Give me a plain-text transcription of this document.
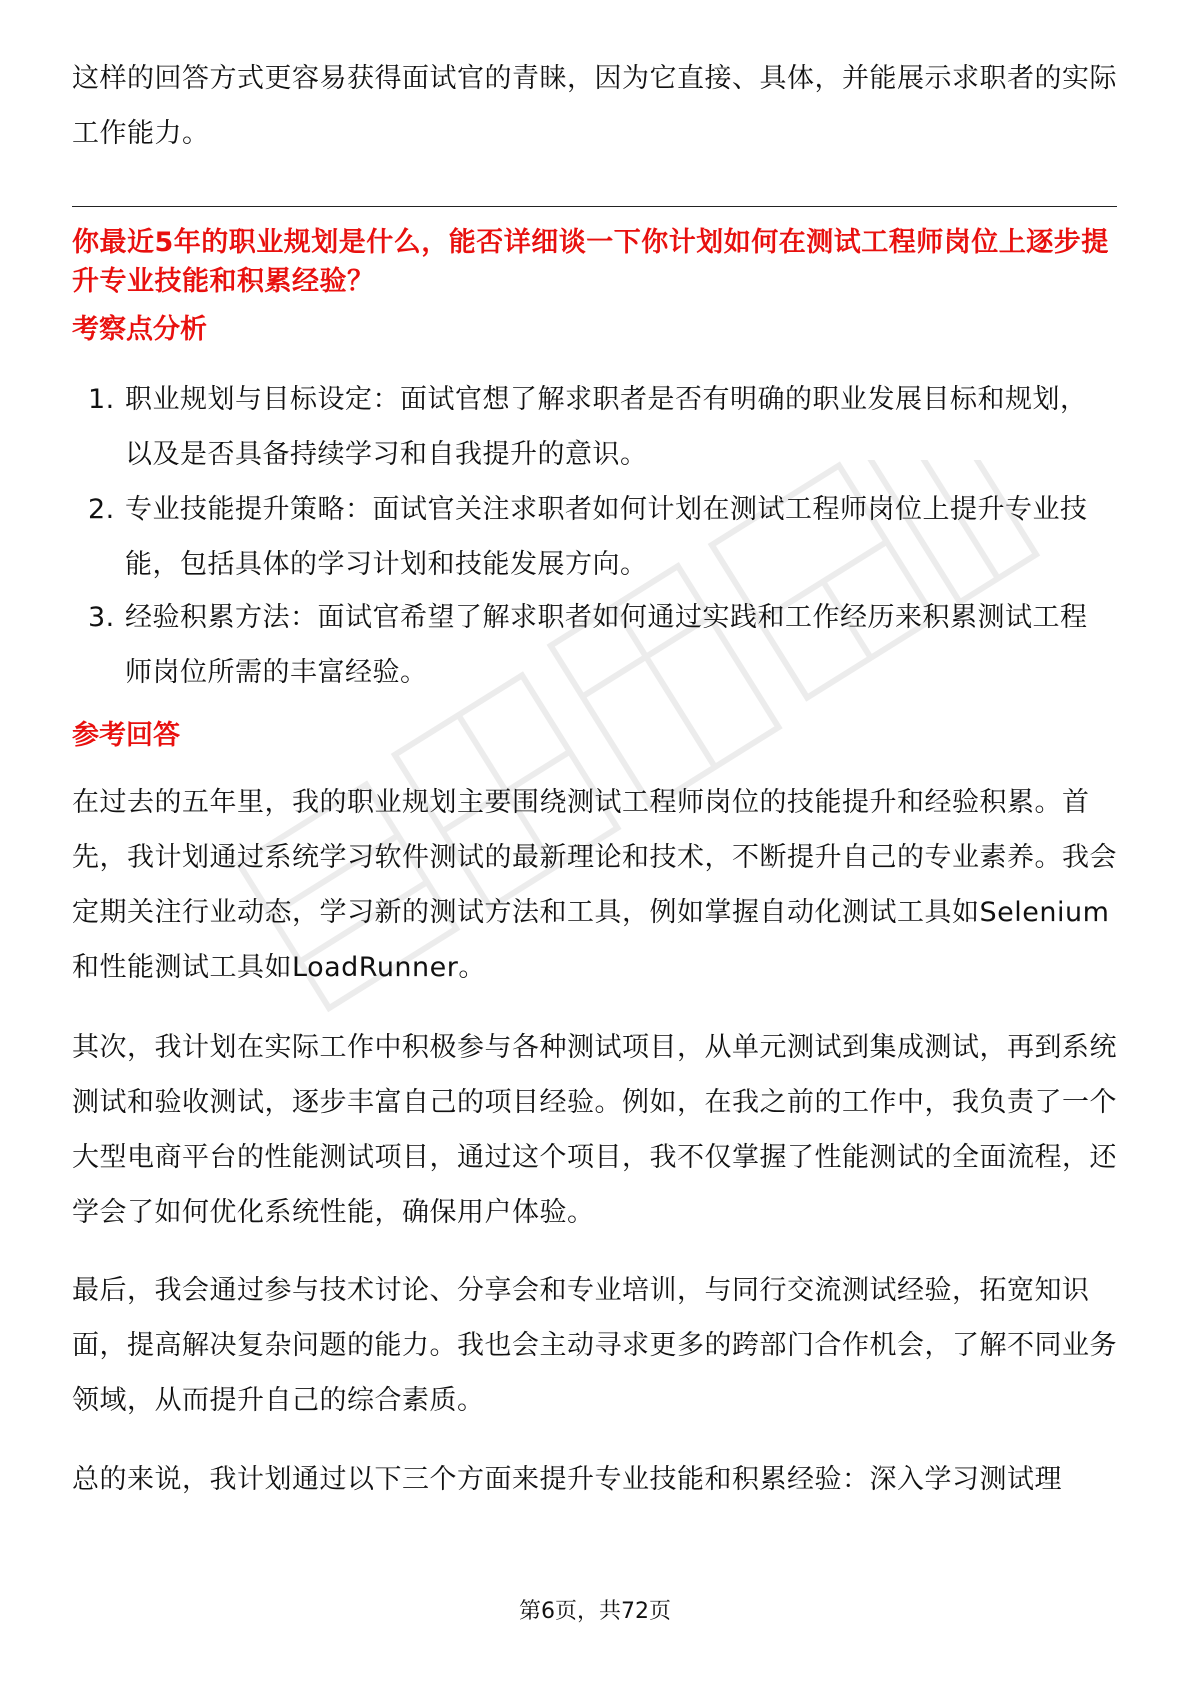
这样的回答方式更容易获得面试官的青睐，因为它直接、具体，并能展示求职者的实际工作能力。

你最近5年的职业规划是什么，能否详细谈一下你计划如何在测试工程师岗位上逐步提升专业技能和积累经验？

考察点分析
1. 职业规划与目标设定：面试官想了解求职者是否有明确的职业发展目标和规划，以及是否具备持续学习和自我提升的意识。
2. 专业技能提升策略：面试官关注求职者如何计划在测试工程师岗位上提升专业技能，包括具体的学习计划和技能发展方向。
3. 经验积累方法：面试官希望了解求职者如何通过实践和工作经历来积累测试工程师岗位所需的丰富经验。
参考回答

在过去的五年里，我的职业规划主要围绕测试工程师岗位的技能提升和经验积累。首先，我计划通过系统学习软件测试的最新理论和技术，不断提升自己的专业素养。我会定期关注行业动态，学习新的测试方法和工具，例如掌握自动化测试工具如Selenium和性能测试工具如LoadRunner。

其次，我计划在实际工作中积极参与各种测试项目，从单元测试到集成测试，再到系统测试和验收测试，逐步丰富自己的项目经验。例如，在我之前的工作中，我负责了一个大型电商平台的性能测试项目，通过这个项目，我不仅掌握了性能测试的全面流程，还学会了如何优化系统性能，确保用户体验。

最后，我会通过参与技术讨论、分享会和专业培训，与同行交流测试经验，拓宽知识面，提高解决复杂问题的能力。我也会主动寻求更多的跨部门合作机会，了解不同业务领域，从而提升自己的综合素质。

总的来说，我计划通过以下三个方面来提升专业技能和积累经验：深入学习测试理

第6页，共72页
